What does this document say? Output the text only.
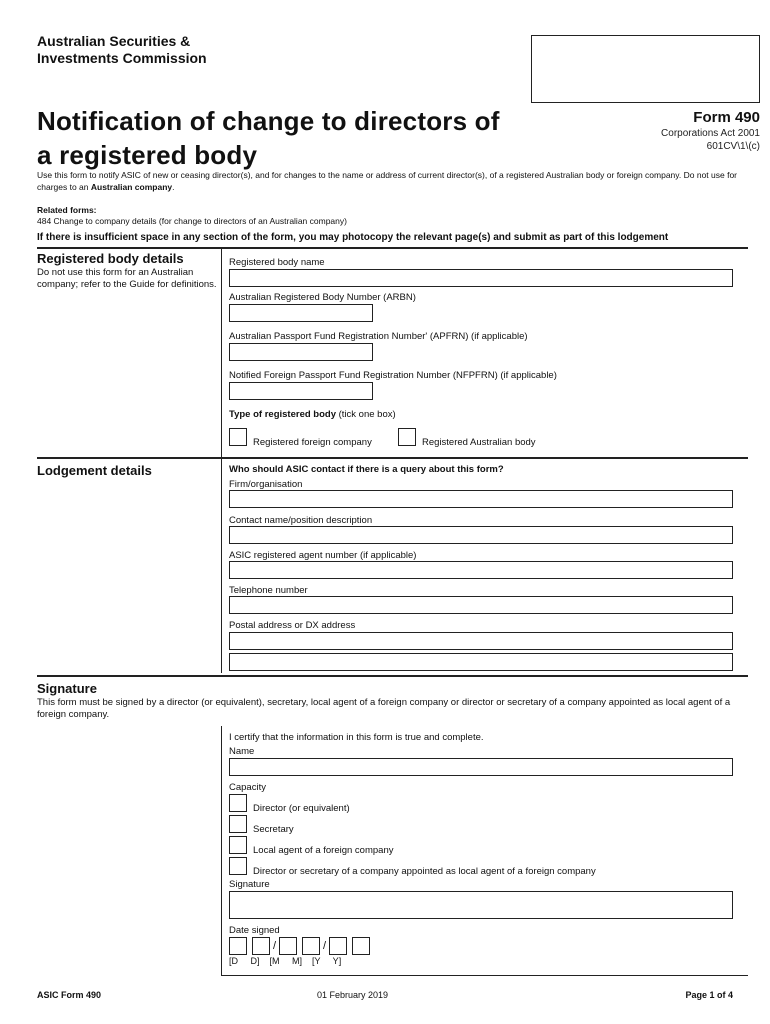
Australian Securities &
Investments Commission
Notification of change to directors of
a registered body
Form 490
Corporations Act 2001
601CV\1\(c)
Use this form to notify ASIC of new or ceasing director(s), and for changes to the name or address of current director(s), of a registered Australian body or foreign company. Do not use for charges to an Australian company.
Related forms:
484 Change to company details (for change to directors of an Australian company)
If there is insufficient space in any section of the form, you may photocopy the relevant page(s) and submit as part of this lodgement
Registered body details
Do not use this form for an Australian company; refer to the Guide for definitions.
Registered body name
Australian Registered Body Number (ARBN)
Australian Passport Fund Registration Number' (APFRN) (if applicable)
Notified Foreign Passport Fund Registration Number (NFPFRN) (if applicable)
Type of registered body (tick one box)
Registered foreign company	Registered Australian body
Lodgement details	Who should ASIC contact if there is a query about this form?
Firm/organisation
Contact name/position description
ASIC registered agent number (if applicable)
Telephone number
Postal address or DX address
Signature
This form must be signed by a director (or equivalent), secretary, local agent of a foreign company or director or secretary of a company appointed as local agent of a foreign company.
I certify that the information in this form is true and complete.
Name
Capacity
Director (or equivalent)
Secretary
Local agent of a foreign company
Director or secretary of a company appointed as local agent of a foreign company
Signature
Date signed
/	/
[D     D]    [M     M]    [Y     Y]
ASIC Form 490	01 February 2019	Page 1 of 4
